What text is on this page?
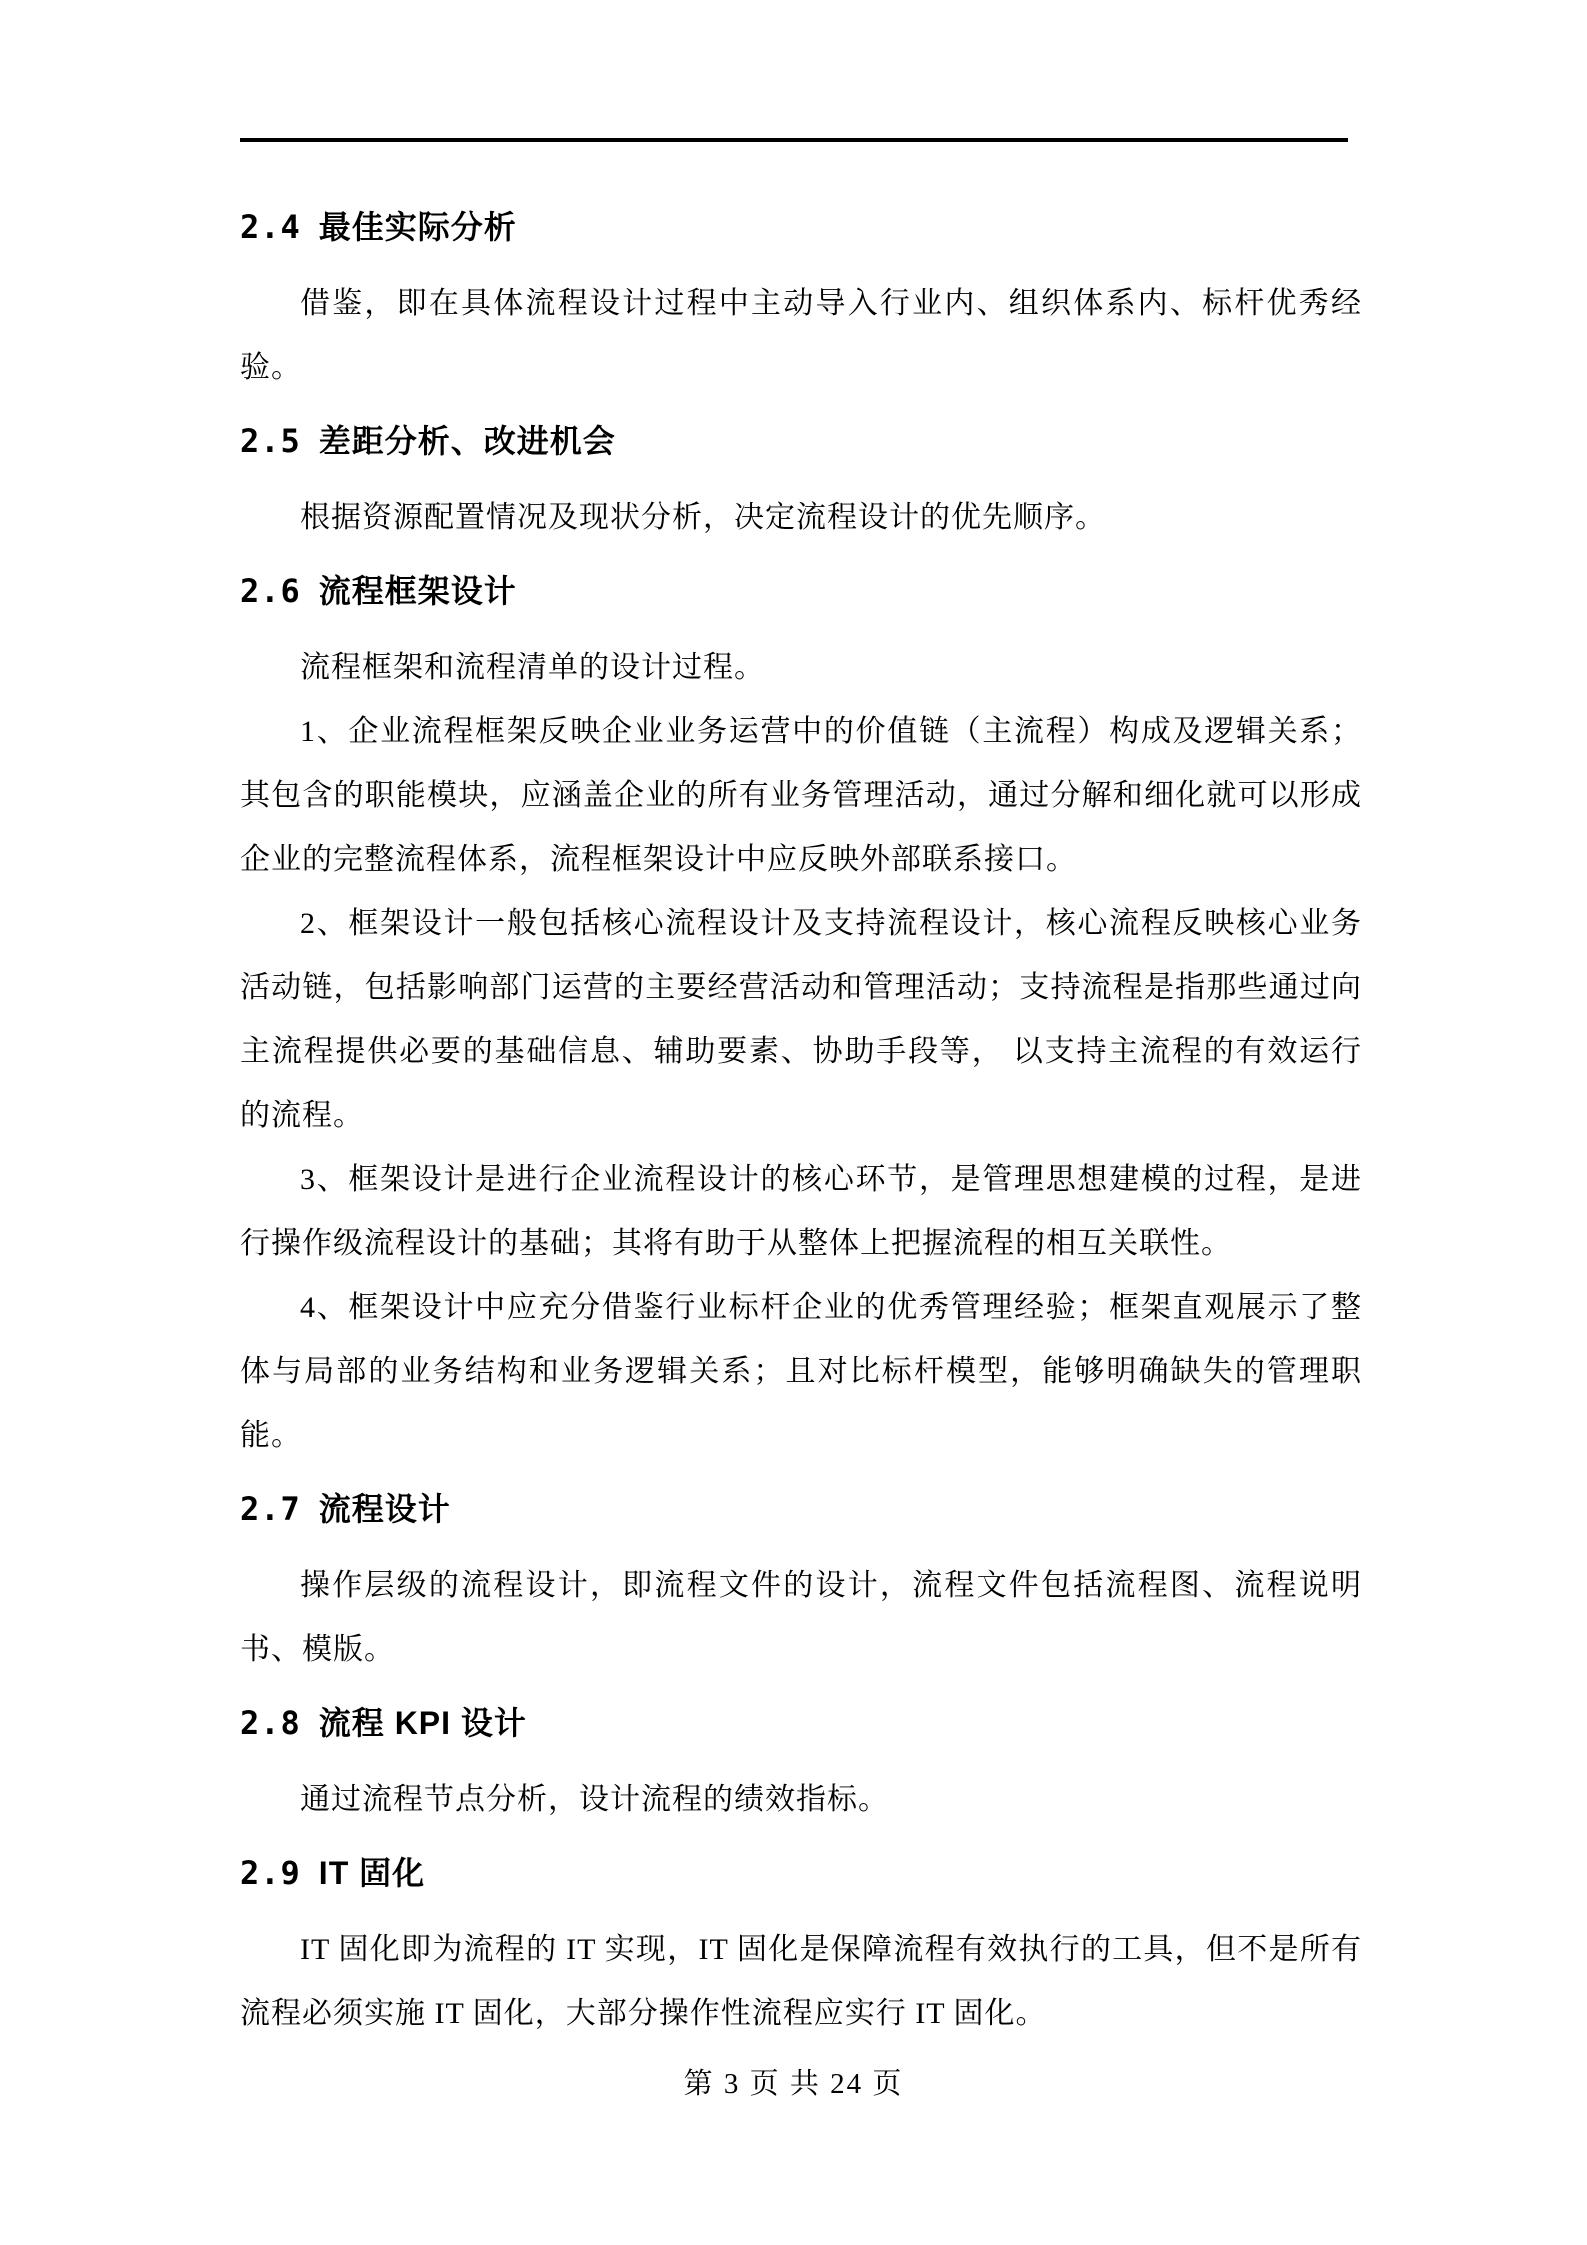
2.4 最佳实际分析

借鉴，即在具体流程设计过程中主动导入行业内、组织体系内、标杆优秀经验。

2.5 差距分析、改进机会

根据资源配置情况及现状分析，决定流程设计的优先顺序。

2.6 流程框架设计

流程框架和流程清单的设计过程。

1、企业流程框架反映企业业务运营中的价值链（主流程）构成及逻辑关系；其包含的职能模块，应涵盖企业的所有业务管理活动，通过分解和细化就可以形成企业的完整流程体系，流程框架设计中应反映外部联系接口。

2、框架设计一般包括核心流程设计及支持流程设计，核心流程反映核心业务活动链，包括影响部门运营的主要经营活动和管理活动；支持流程是指那些通过向主流程提供必要的基础信息、辅助要素、协助手段等， 以支持主流程的有效运行的流程。

3、框架设计是进行企业流程设计的核心环节，是管理思想建模的过程，是进行操作级流程设计的基础；其将有助于从整体上把握流程的相互关联性。

4、框架设计中应充分借鉴行业标杆企业的优秀管理经验；框架直观展示了整体与局部的业务结构和业务逻辑关系；且对比标杆模型，能够明确缺失的管理职能。

2.7 流程设计

操作层级的流程设计，即流程文件的设计，流程文件包括流程图、流程说明书、模版。

2.8 流程 KPI 设计

通过流程节点分析，设计流程的绩效指标。

2.9 IT 固化

IT 固化即为流程的 IT 实现，IT 固化是保障流程有效执行的工具，但不是所有流程必须实施 IT 固化，大部分操作性流程应实行 IT 固化。

第 3 页 共 24 页
